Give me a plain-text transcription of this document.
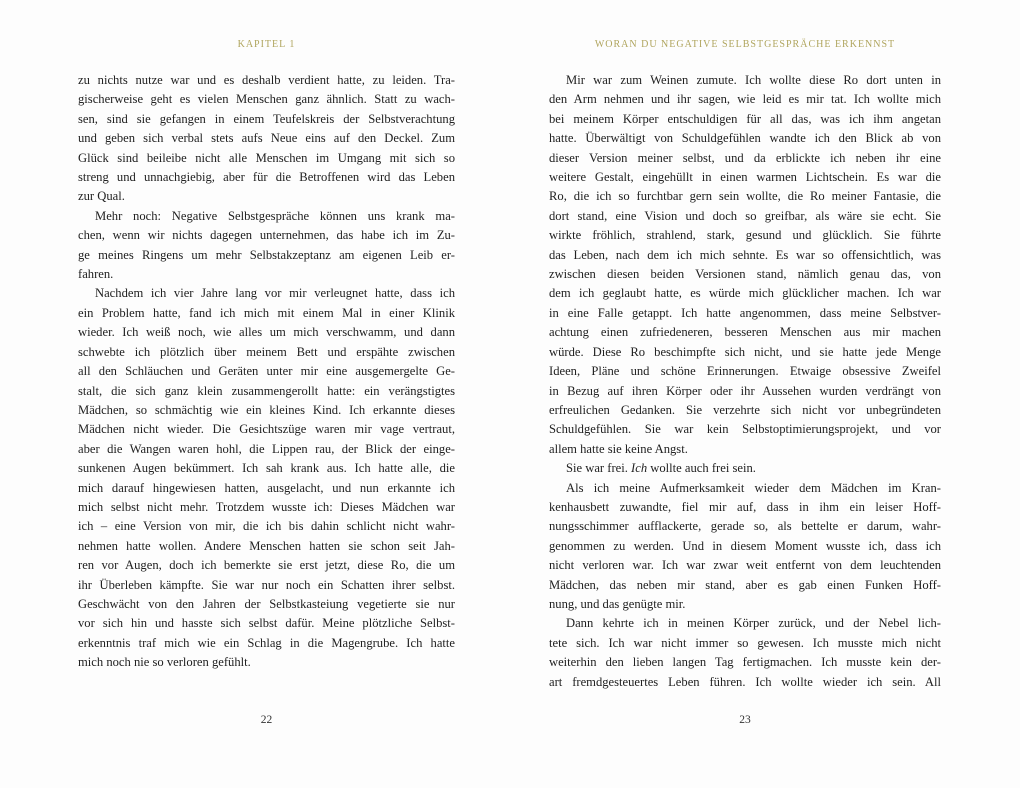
KAPITEL 1
zu nichts nutze war und es deshalb verdient hatte, zu leiden. Tra-
gischerweise geht es vielen Menschen ganz ähnlich. Statt zu wach-
sen, sind sie gefangen in einem Teufelskreis der Selbstverachtung
und geben sich verbal stets aufs Neue eins auf den Deckel. Zum
Glück sind beileibe nicht alle Menschen im Umgang mit sich so
streng und unnachgiebig, aber für die Betroffenen wird das Leben
zur Qual.
Mehr noch: Negative Selbstgespräche können uns krank ma-
chen, wenn wir nichts dagegen unternehmen, das habe ich im Zu-
ge meines Ringens um mehr Selbstakzeptanz am eigenen Leib er-
fahren.
Nachdem ich vier Jahre lang vor mir verleugnet hatte, dass ich
ein Problem hatte, fand ich mich mit einem Mal in einer Klinik
wieder. Ich weiß noch, wie alles um mich verschwamm, und dann
schwebte ich plötzlich über meinem Bett und erspähte zwischen
all den Schläuchen und Geräten unter mir eine ausgemergelte Ge-
stalt, die sich ganz klein zusammengerollt hatte: ein verängstigtes
Mädchen, so schmächtig wie ein kleines Kind. Ich erkannte dieses
Mädchen nicht wieder. Die Gesichtszüge waren mir vage vertraut,
aber die Wangen waren hohl, die Lippen rau, der Blick der einge-
sunkenen Augen bekümmert. Ich sah krank aus. Ich hatte alle, die
mich darauf hingewiesen hatten, ausgelacht, und nun erkannte ich
mich selbst nicht mehr. Trotzdem wusste ich: Dieses Mädchen war
ich – eine Version von mir, die ich bis dahin schlicht nicht wahr-
nehmen hatte wollen. Andere Menschen hatten sie schon seit Jah-
ren vor Augen, doch ich bemerkte sie erst jetzt, diese Ro, die um
ihr Überleben kämpfte. Sie war nur noch ein Schatten ihrer selbst.
Geschwächt von den Jahren der Selbstkasteiung vegetierte sie nur
vor sich hin und hasste sich selbst dafür. Meine plötzliche Selbst-
erkenntnis traf mich wie ein Schlag in die Magengrube. Ich hatte
mich noch nie so verloren gefühlt.
22
WORAN DU NEGATIVE SELBSTGESPRÄCHE ERKENNST
Mir war zum Weinen zumute. Ich wollte diese Ro dort unten in
den Arm nehmen und ihr sagen, wie leid es mir tat. Ich wollte mich
bei meinem Körper entschuldigen für all das, was ich ihm angetan
hatte. Überwältigt von Schuldgefühlen wandte ich den Blick ab von
dieser Version meiner selbst, und da erblickte ich neben ihr eine
weitere Gestalt, eingehüllt in einen warmen Lichtschein. Es war die
Ro, die ich so furchtbar gern sein wollte, die Ro meiner Fantasie, die
dort stand, eine Vision und doch so greifbar, als wäre sie echt. Sie
wirkte fröhlich, strahlend, stark, gesund und glücklich. Sie führte
das Leben, nach dem ich mich sehnte. Es war so offensichtlich, was
zwischen diesen beiden Versionen stand, nämlich genau das, von
dem ich geglaubt hatte, es würde mich glücklicher machen. Ich war
in eine Falle getappt. Ich hatte angenommen, dass meine Selbstver-
achtung einen zufriedeneren, besseren Menschen aus mir machen
würde. Diese Ro beschimpfte sich nicht, und sie hatte jede Menge
Ideen, Pläne und schöne Erinnerungen. Etwaige obsessive Zweifel
in Bezug auf ihren Körper oder ihr Aussehen wurden verdrängt von
erfreulichen Gedanken. Sie verzehrte sich nicht vor unbegründeten
Schuldgefühlen. Sie war kein Selbstoptimierungsprojekt, und vor
allem hatte sie keine Angst.
Sie war frei. Ich wollte auch frei sein.
Als ich meine Aufmerksamkeit wieder dem Mädchen im Kran-
kenhausbett zuwandte, fiel mir auf, dass in ihm ein leiser Hoff-
nungsschimmer aufflackerte, gerade so, als bettelte er darum, wahr-
genommen zu werden. Und in diesem Moment wusste ich, dass ich
nicht verloren war. Ich war zwar weit entfernt von dem leuchtenden
Mädchen, das neben mir stand, aber es gab einen Funken Hoff-
nung, und das genügte mir.
Dann kehrte ich in meinen Körper zurück, und der Nebel lich-
tete sich. Ich war nicht immer so gewesen. Ich musste mich nicht
weiterhin den lieben langen Tag fertigmachen. Ich musste kein der-
art fremdgesteuertes Leben führen. Ich wollte wieder ich sein. All
23
